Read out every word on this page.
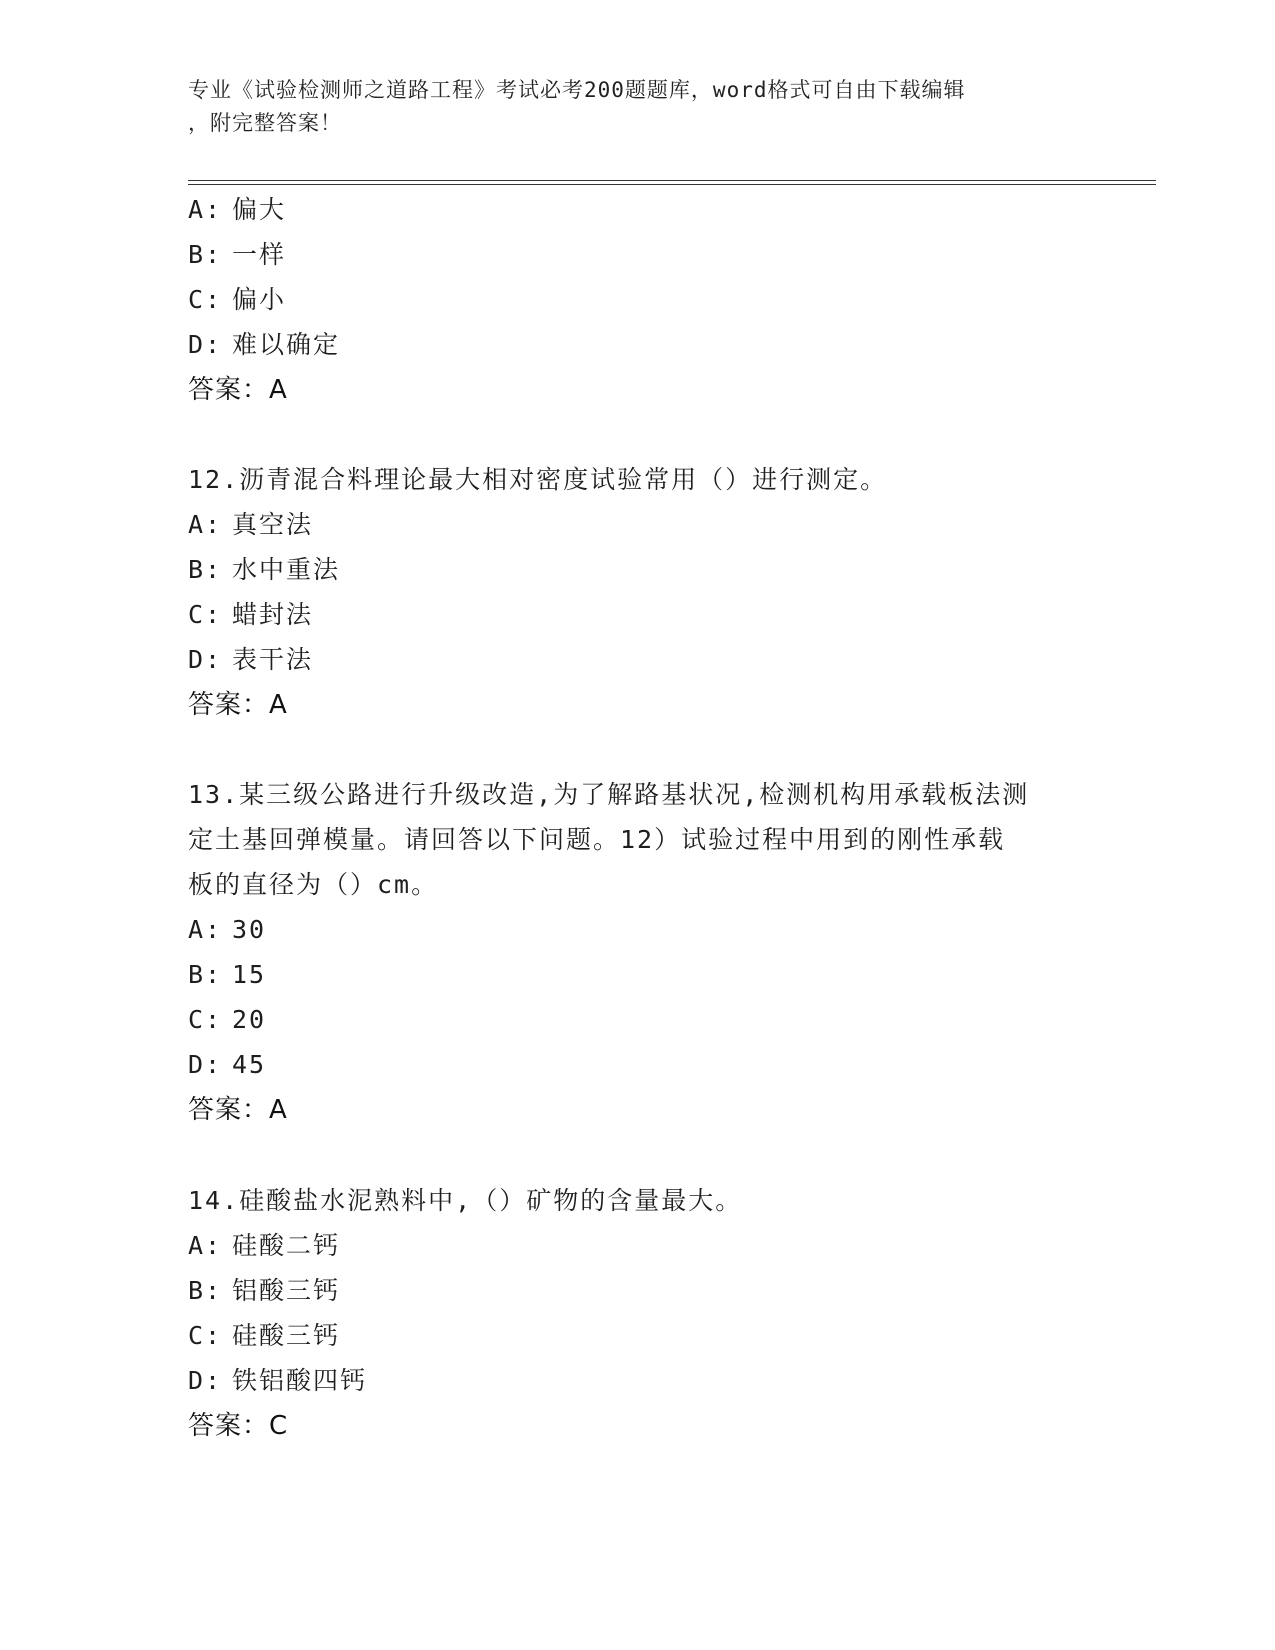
专业《试验检测师之道路工程》考试必考200题题库，word格式可自由下载编辑
，附完整答案！
A: 偏大
B: 一样
C: 偏小
D: 难以确定
答案：A
12.沥青混合料理论最大相对密度试验常用（）进行测定。
A: 真空法
B: 水中重法
C: 蜡封法
D: 表干法
答案：A
13.某三级公路进行升级改造,为了解路基状况,检测机构用承载板法测
定土基回弹模量。请回答以下问题。12）试验过程中用到的刚性承载
板的直径为（）cm。
A: 30
B: 15
C: 20
D: 45
答案：A
14.硅酸盐水泥熟料中,（）矿物的含量最大。
A: 硅酸二钙
B: 铝酸三钙
C: 硅酸三钙
D: 铁铝酸四钙
答案：C
